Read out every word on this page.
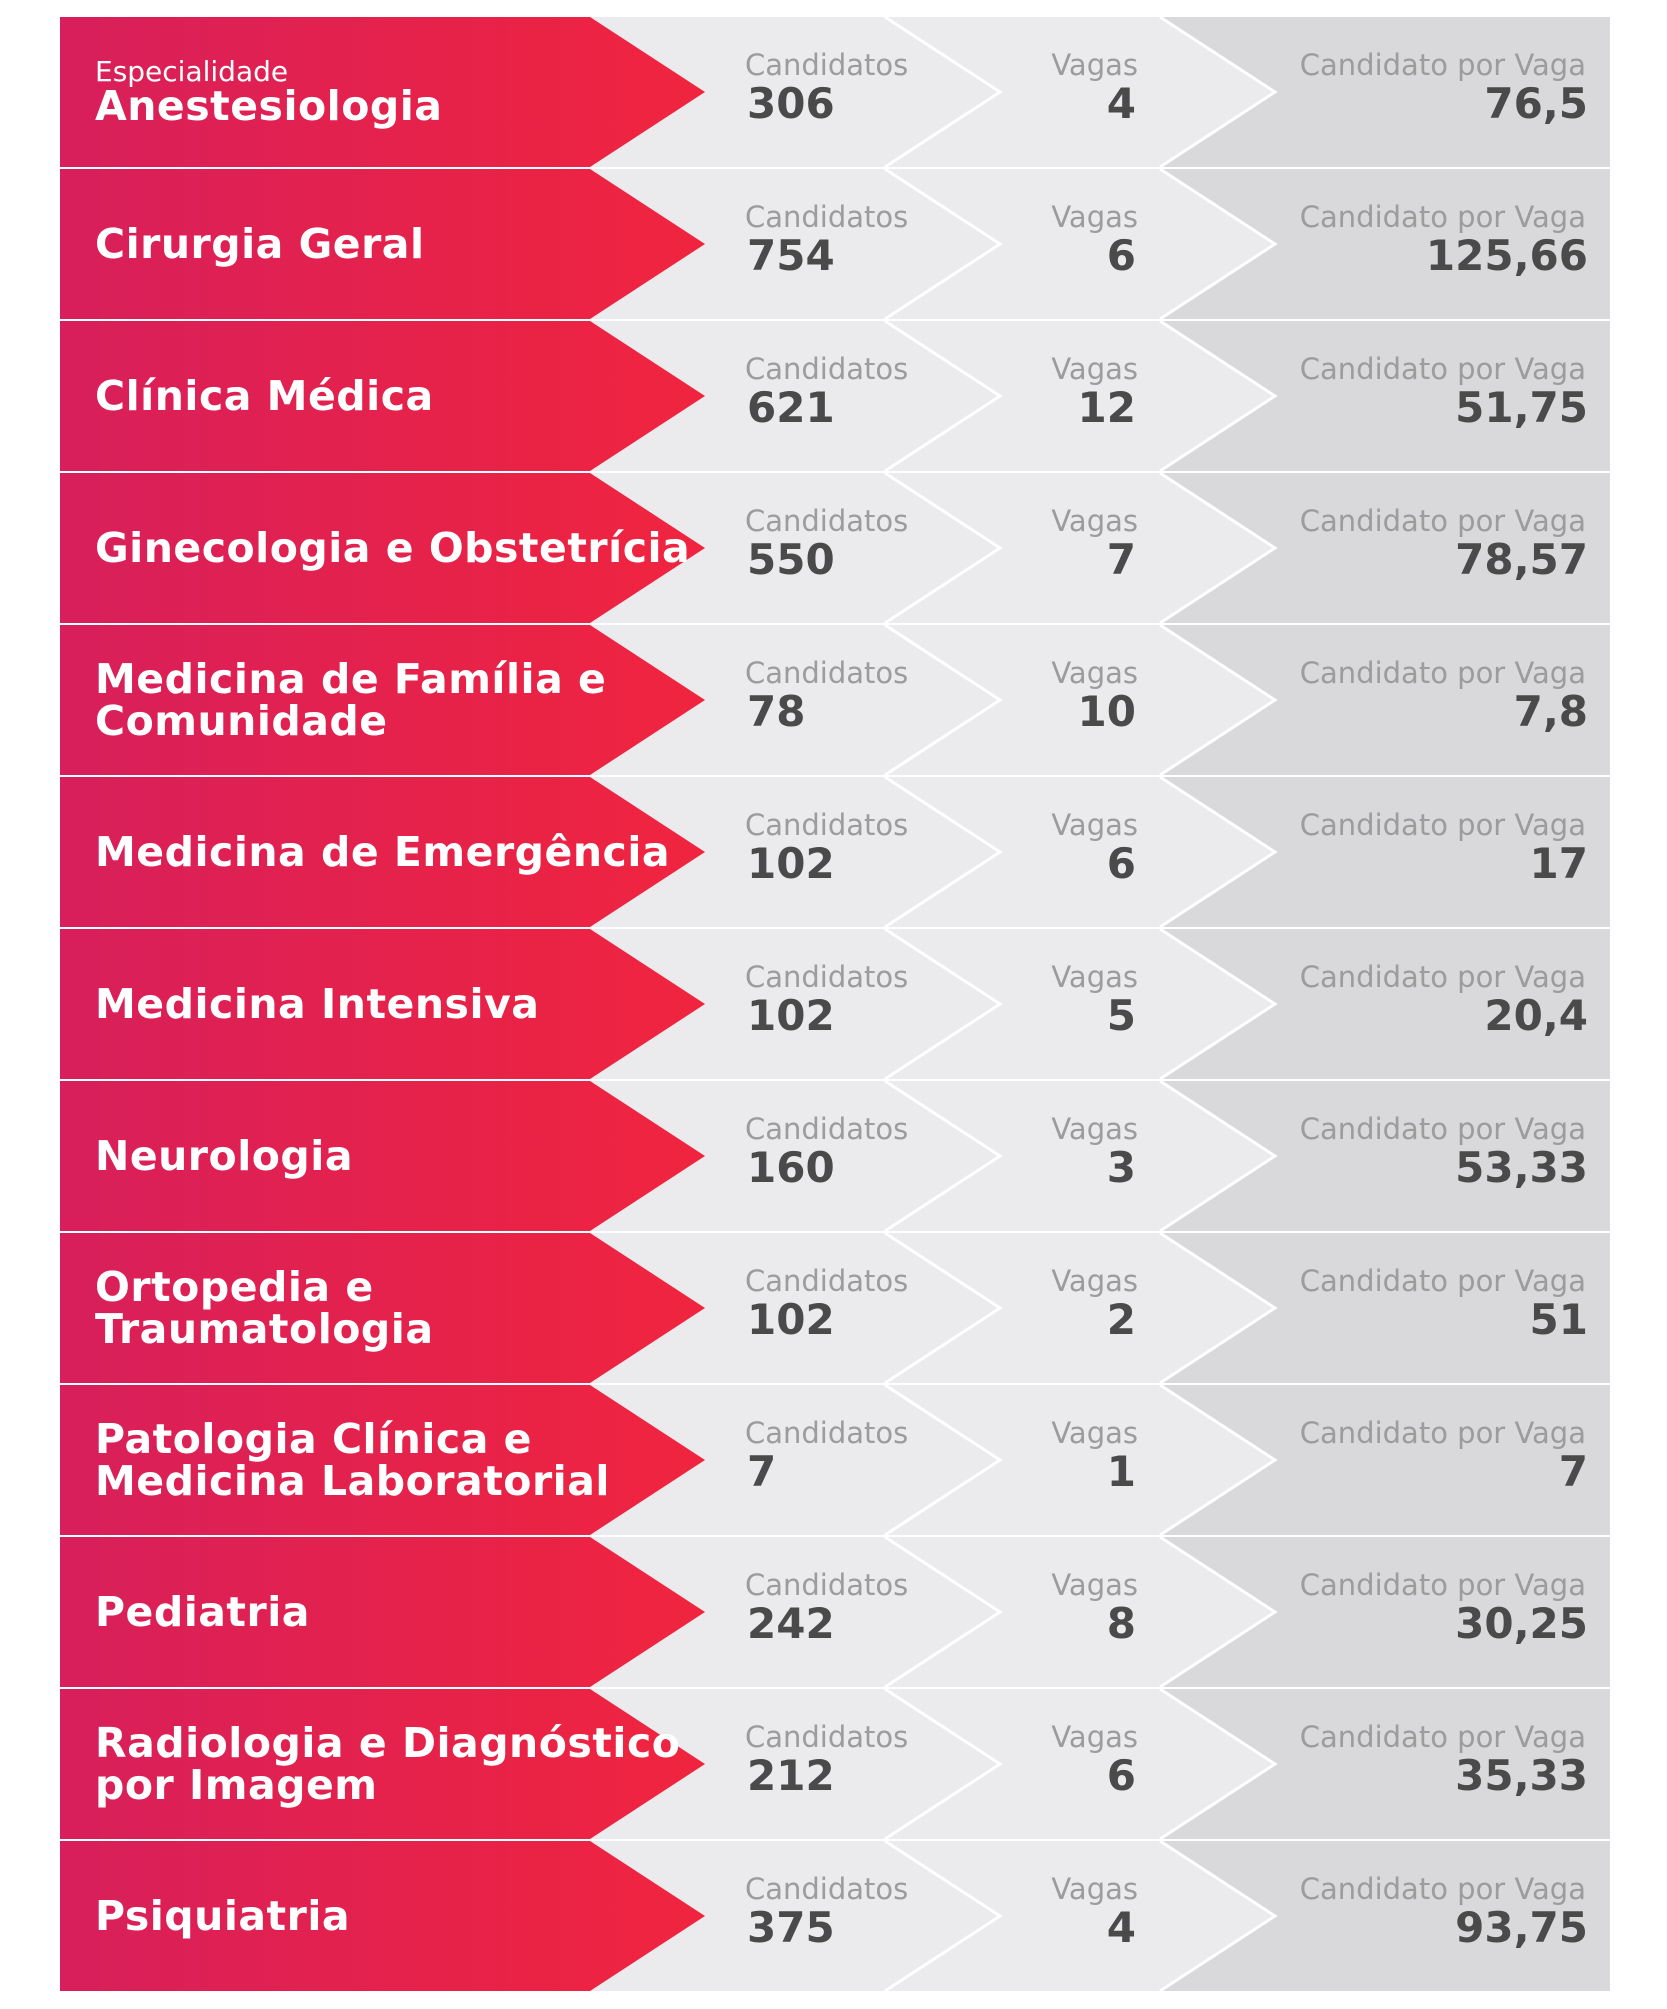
Especialidade
Anestesiologia
Candidatos
306
Vagas
4
Candidato por Vaga
76,5
Cirurgia Geral
Candidatos
754
Vagas
6
Candidato por Vaga
125,66
Clínica Médica
Candidatos
621
Vagas
12
Candidato por Vaga
51,75
Ginecologia e Obstetrícia
Candidatos
550
Vagas
7
Candidato por Vaga
78,57
Medicina de Família e Comunidade
Candidatos
78
Vagas
10
Candidato por Vaga
7,8
Medicina de Emergência
Candidatos
102
Vagas
6
Candidato por Vaga
17
Medicina Intensiva
Candidatos
102
Vagas
5
Candidato por Vaga
20,4
Neurologia
Candidatos
160
Vagas
3
Candidato por Vaga
53,33
Ortopedia e Traumatologia
Candidatos
102
Vagas
2
Candidato por Vaga
51
Patologia Clínica e Medicina Laboratorial
Candidatos
7
Vagas
1
Candidato por Vaga
7
Pediatria
Candidatos
242
Vagas
8
Candidato por Vaga
30,25
Radiologia e Diagnóstico por Imagem
Candidatos
212
Vagas
6
Candidato por Vaga
35,33
Psiquiatria
Candidatos
375
Vagas
4
Candidato por Vaga
93,75
